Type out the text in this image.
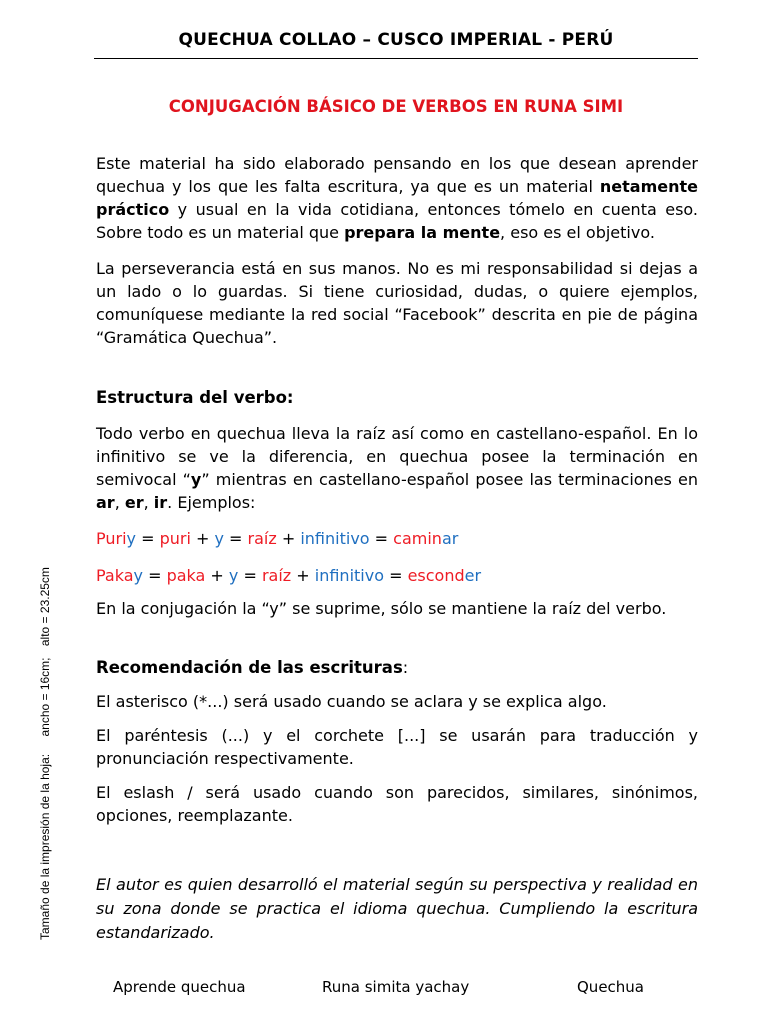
QUECHUA COLLAO – CUSCO IMPERIAL - PERÚ
CONJUGACIÓN BÁSICO DE VERBOS EN RUNA SIMI

Este material ha sido elaborado pensando en los que desean aprender quechua y los que les falta escritura, ya que es un material netamente práctico y usual en la vida cotidiana, entonces tómelo en cuenta eso. Sobre todo es un material que prepara la mente, eso es el objetivo.

La perseverancia está en sus manos. No es mi responsabilidad si dejas a un lado o lo guardas. Si tiene curiosidad, dudas, o quiere ejemplos, comuníquese mediante la red social “Facebook” descrita en pie de página “Gramática Quechua”.

Estructura del verbo:

Todo verbo en quechua lleva la raíz así como en castellano-español. En lo infinitivo se ve la diferencia, en quechua posee la terminación en semivocal “y” mientras en castellano-español posee las terminaciones en ar, er, ir. Ejemplos:

Puriy = puri + y = raíz + infinitivo = caminar

Pakay = paka + y = raíz + infinitivo = esconder

En la conjugación la “y” se suprime, sólo se mantiene la raíz del verbo.

Recomendación de las escrituras:

El asterisco (*...) será usado cuando se aclara y se explica algo.

El paréntesis (...) y el corchete [...] se usarán para traducción y pronunciación respectivamente.

El eslash / será usado cuando son parecidos, similares, sinónimos, opciones, reemplazante.

El autor es quien desarrolló el material según su perspectiva y realidad en su zona donde se practica el idioma quechua. Cumpliendo la escritura estandarizado.

Tamaño de la impresión de la hoja: ancho = 16cm; alto = 23.25cm
Aprende quechua	Runa simita yachay	Quechua
